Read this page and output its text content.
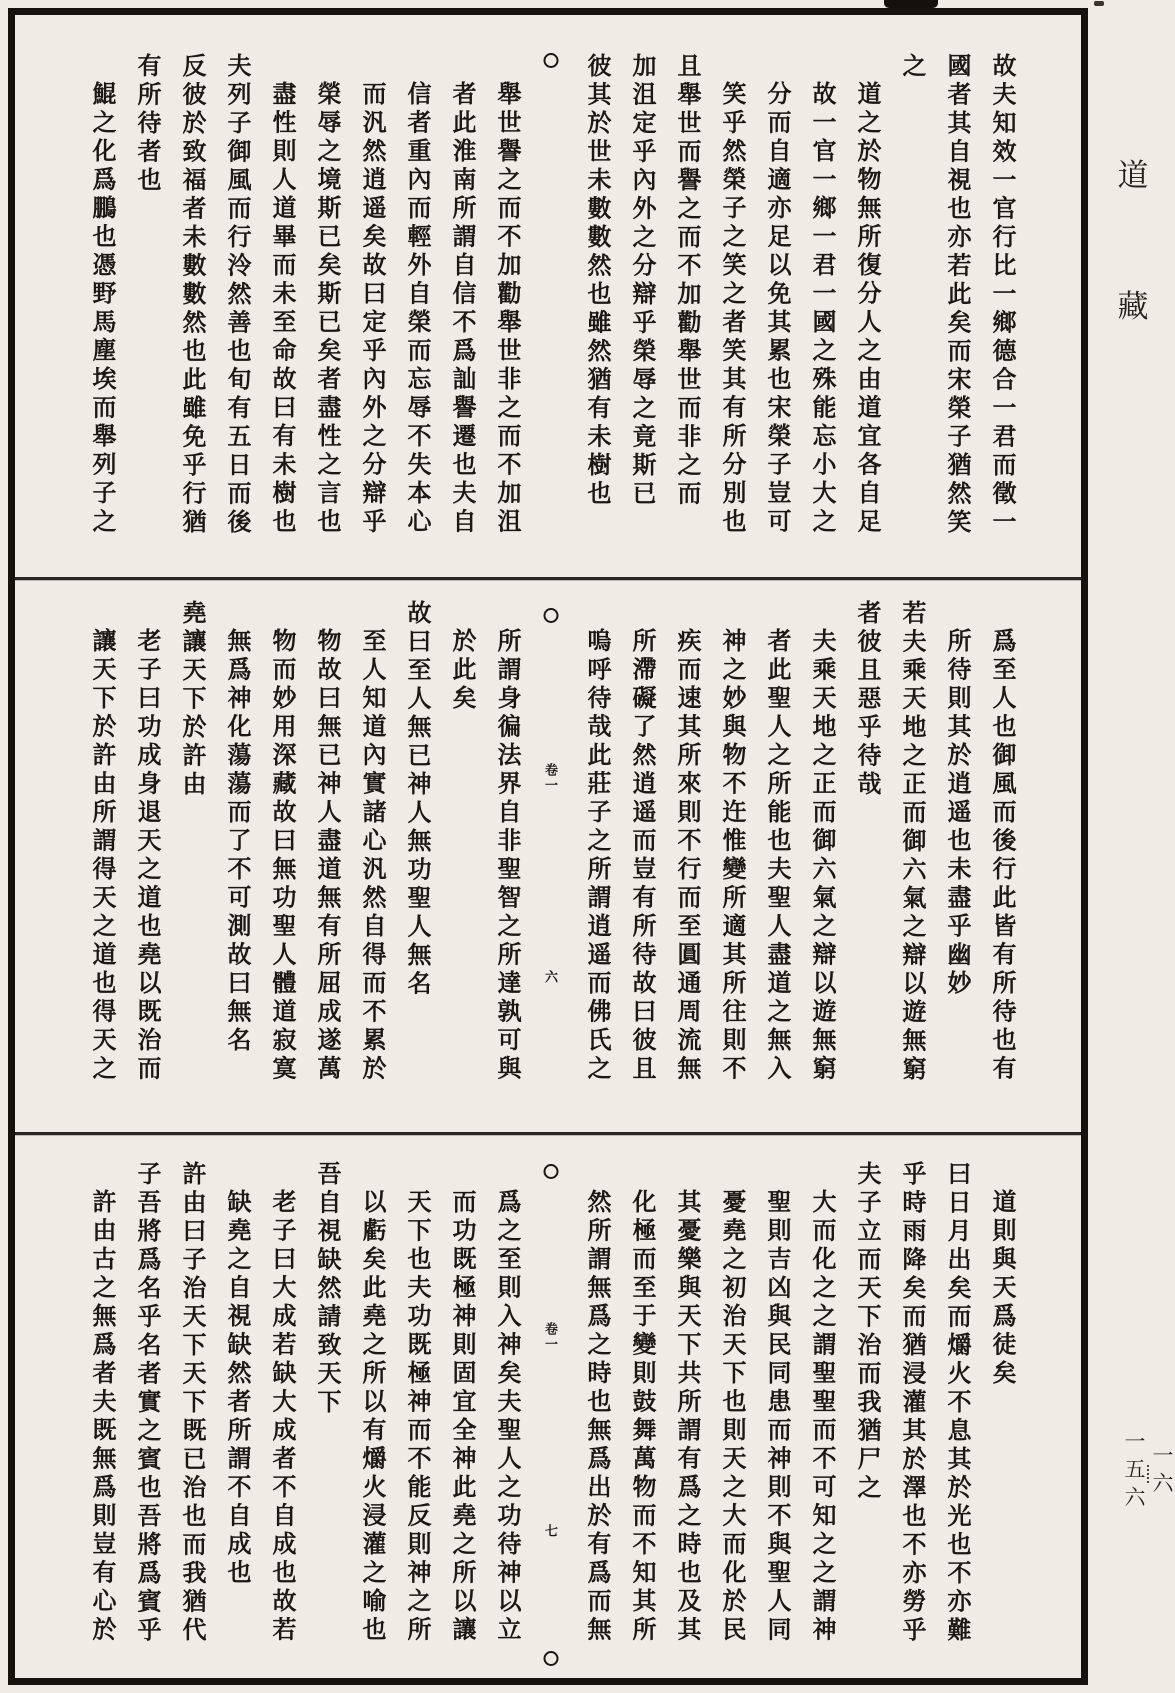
故夫知效一官行比一鄉德合一君而徵一
國者其自視也亦若此矣而宋榮子猶然笑
之
道之於物無所復分人之由道宜各自足
故一官一鄉一君一國之殊能忘小大之
分而自適亦足以免其累也宋榮子豈可
笑乎然榮子之笑之者笑其有所分別也
且舉世而譽之而不加勸舉世而非之而
加沮定乎內外之分辯乎榮辱之竟斯已
彼其於世未數數然也雖然猶有未樹也
舉世譽之而不加勸舉世非之而不加沮
者此淮南所謂自信不爲訕譽遷也夫自
信者重內而輕外自榮而忘辱不失本心
而汎然逍遥矣故曰定乎內外之分辯乎
榮辱之境斯已矣斯已矣者盡性之言也
盡性則人道畢而未至命故曰有未樹也
夫列子御風而行泠然善也旬有五日而後
反彼於致福者未數數然也此雖免乎行猶
有所待者也
鯤之化爲鵬也憑野馬塵埃而舉列子之
爲至人也御風而後行此皆有所待也有
所待則其於逍遥也未盡乎幽妙
若夫乘天地之正而御六氣之辯以遊無窮
者彼且惡乎待哉
夫乘天地之正而御六氣之辯以遊無窮
者此聖人之所能也夫聖人盡道之無入
神之妙與物不迕惟變所適其所往則不
疾而速其所來則不行而至圓通周流無
所滯礙了然逍遥而豈有所待故曰彼且
嗚呼待哉此莊子之所謂逍遥而佛氏之
卷一
六
所謂身徧法界自非聖智之所達孰可與
於此矣
故曰至人無已神人無功聖人無名
至人知道內實諸心汎然自得而不累於
物故曰無已神人盡道無有所屈成遂萬
物而妙用深藏故曰無功聖人體道寂寞
無爲神化蕩蕩而了不可測故曰無名
堯讓天下於許由
老子曰功成身退天之道也堯以既治而
讓天下於許由所謂得天之道也得天之
道則與天爲徒矣
曰日月出矣而爝火不息其於光也不亦難
乎時雨降矣而猶浸灌其於澤也不亦勞乎
夫子立而天下治而我猶尸之
大而化之之謂聖聖而不可知之之謂神
聖則吉凶與民同患而神則不與聖人同
憂堯之初治天下也則天之大而化於民
其憂樂與天下共所謂有爲之時也及其
化極而至于變則鼓舞萬物而不知其所
然所謂無爲之時也無爲出於有爲而無
卷一
七
爲之至則入神矣夫聖人之功待神以立
而功既極神則固宜全神此堯之所以讓
天下也夫功既極神而不能反則神之所
以虧矣此堯之所以有爝火浸灌之喻也
吾自視缺然請致天下
老子曰大成若缺大成者不自成也故若
缺堯之自視缺然者所謂不自成也
許由曰子治天下天下既已治也而我猶代
子吾將爲名乎名者實之賓也吾將爲賓乎
許由古之無爲者夫既無爲則豈有心於
道
藏
一六
一五六
